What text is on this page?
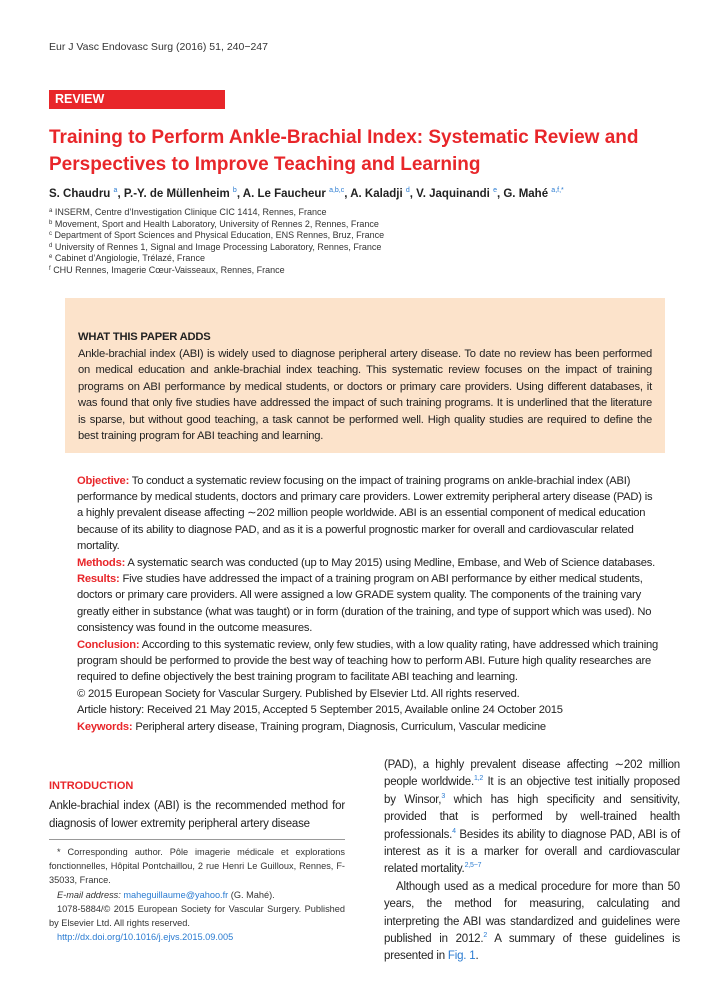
Eur J Vasc Endovasc Surg (2016) 51, 240−247
REVIEW
Training to Perform Ankle-Brachial Index: Systematic Review and Perspectives to Improve Teaching and Learning
S. Chaudru $^a$, P.-Y. de Müllenheim $^b$, A. Le Faucheur $^{a,b,c}$, A. Kaladji $^d$, V. Jaquinandi $^e$, G. Mahé $^{a,f,*}$
$^a$ INSERM, Centre d’Investigation Clinique CIC 1414, Rennes, France
$^b$ Movement, Sport and Health Laboratory, University of Rennes 2, Rennes, France
$^c$ Department of Sport Sciences and Physical Education, ENS Rennes, Bruz, France
$^d$ University of Rennes 1, Signal and Image Processing Laboratory, Rennes, France
$^e$ Cabinet d’Angiologie, Trélazé, France
$^f$ CHU Rennes, Imagerie Cœur-Vaisseaux, Rennes, France
WHAT THIS PAPER ADDS
Ankle-brachial index (ABI) is widely used to diagnose peripheral artery disease. To date no review has been performed on medical education and ankle-brachial index teaching. This systematic review focuses on the impact of training programs on ABI performance by medical students, or doctors or primary care providers. Using different databases, it was found that only five studies have addressed the impact of such training programs. It is underlined that the literature is sparse, but without good teaching, a task cannot be performed well. High quality studies are required to define the best training program for ABI teaching and learning.
Objective: To conduct a systematic review focusing on the impact of training programs on ankle-brachial index (ABI) performance by medical students, doctors and primary care providers. Lower extremity peripheral artery disease (PAD) is a highly prevalent disease affecting ∼202 million people worldwide. ABI is an essential component of medical education because of its ability to diagnose PAD, and as it is a powerful prognostic marker for overall and cardiovascular related mortality.
Methods: A systematic search was conducted (up to May 2015) using Medline, Embase, and Web of Science databases.
Results: Five studies have addressed the impact of a training program on ABI performance by either medical students, doctors or primary care providers. All were assigned a low GRADE system quality. The components of the training vary greatly either in substance (what was taught) or in form (duration of the training, and type of support which was used). No consistency was found in the outcome measures.
Conclusion: According to this systematic review, only few studies, with a low quality rating, have addressed which training program should be performed to provide the best way of teaching how to perform ABI. Future high quality researches are required to define objectively the best training program to facilitate ABI teaching and learning.
© 2015 European Society for Vascular Surgery. Published by Elsevier Ltd. All rights reserved.
Article history: Received 21 May 2015, Accepted 5 September 2015, Available online 24 October 2015
Keywords: Peripheral artery disease, Training program, Diagnosis, Curriculum, Vascular medicine
INTRODUCTION
Ankle-brachial index (ABI) is the recommended method for diagnosis of lower extremity peripheral artery disease

* Corresponding author. Pôle imagerie médicale et explorations fonctionnelles, Hôpital Pontchaillou, 2 rue Henri Le Guilloux, Rennes, F-35033, France.

E-mail address: maheguillaume@yahoo.fr (G. Mahé).

1078-5884/© 2015 European Society for Vascular Surgery. Published by Elsevier Ltd. All rights reserved.

http://dx.doi.org/10.1016/j.ejvs.2015.09.005

(PAD), a highly prevalent disease affecting ∼202 million people worldwide.$^{1,2}$ It is an objective test initially proposed by Winsor,$^3$ which has high specificity and sensitivity, provided that is performed by well-trained health professionals.$^4$ Besides its ability to diagnose PAD, ABI is of interest as it is a marker for overall and cardiovascular related mortality.$^{2,5-7}$

Although used as a medical procedure for more than 50 years, the method for measuring, calculating and interpreting the ABI was standardized and guidelines were published in 2012.$^2$ A summary of these guidelines is presented in Fig. 1.
